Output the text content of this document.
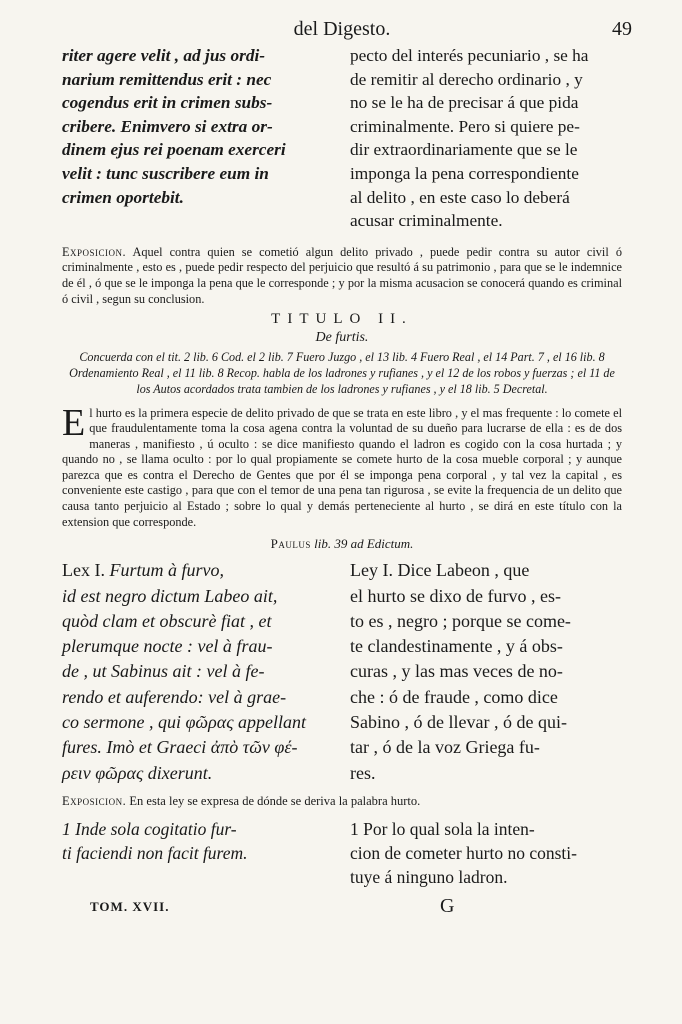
del Digesto.	49
riter agere velit , ad jus ordi-
narium remittendus erit : nec
cogendus erit in crimen subs-
cribere. Enimvero si extra or-
dinem ejus rei poenam exerceri
velit : tunc suscribere eum in
crimen oportebit.
pecto del interés pecuniario , se ha
de remitir al derecho ordinario , y
no se le ha de precisar á que pida
criminalmente. Pero si quiere pe-
dir extraordinariamente que se le
imponga la pena correspondiente
al delito , en este caso lo deberá
acusar criminalmente.

Exposicion. Aquel contra quien se cometió algun delito privado , puede pedir contra su autor civil ó criminalmente , esto es , puede pedir respecto del perjuicio que resultó á su patrimonio , para que se le indemnice de él , ó que se le imponga la pena que le corresponde ; y por la misma acusacion se conocerá quando es criminal ó civil , segun su conclusion.

TITULO II.
De furtis.
Concuerda con el tit. 2 lib. 6 Cod. el 2 lib. 7 Fuero Juzgo , el 13 lib. 4 Fuero Real , el 14 Part. 7 , el 16 lib. 8 Ordenamiento Real , el 11 lib. 8 Recop. habla de los ladrones y rufianes , y el 12 de los robos y fuerzas ; el 11 de los Autos acordados trata tambien de los ladrones y rufianes , y el 18 lib. 5 Decretal.
E l hurto es la primera especie de delito privado de que se trata en este libro , y el mas frequente : lo comete el que fraudulentamente toma la cosa agena contra la voluntad de su dueño para lucrarse de ella : es de dos maneras , manifiesto , ú oculto : se dice manifiesto quando el ladron es cogido con la cosa hurtada ; y quando no , se llama oculto : por lo qual propiamente se comete hurto de la cosa mueble corporal ; y aunque parezca que es contra el Derecho de Gentes que por él se imponga pena corporal , y tal vez la capital , es conveniente este castigo , para que con el temor de una pena tan rigurosa , se evite la frequencia de un delito que causa tanto perjuicio al Estado ; sobre lo qual y demás perteneciente al hurto , se dirá en este título con la extension que corresponde.
Paulus lib. 39 ad Edictum.
Lex I. Furtum à furvo,
id est negro dictum Labeo ait,
quòd clam et obscurè fiat , et
plerumque nocte : vel à frau-
de , ut Sabinus ait : vel à fe-
rendo et auferendo: vel à grae-
co sermone , qui φῶρας appellant
fures. Imò et Graeci ἀπὸ τῶν φέ-
ρειν φῶρας dixerunt.
Ley I. Dice Labeon , que
el hurto se dixo de furvo , es-
to es , negro ; porque se come-
te clandestinamente , y á obs-
curas , y las mas veces de no-
che : ó de fraude , como dice
Sabino , ó de llevar , ó de qui-
tar , ó de la voz Griega fu-
res.
Exposicion. En esta ley se expresa de dónde se deriva la palabra hurto.
1 Inde sola cogitatio fur-
ti faciendi non facit furem.
1 Por lo qual sola la inten-
cion de cometer hurto no consti-
tuye á ninguno ladron.
TOM. XVII.	G
